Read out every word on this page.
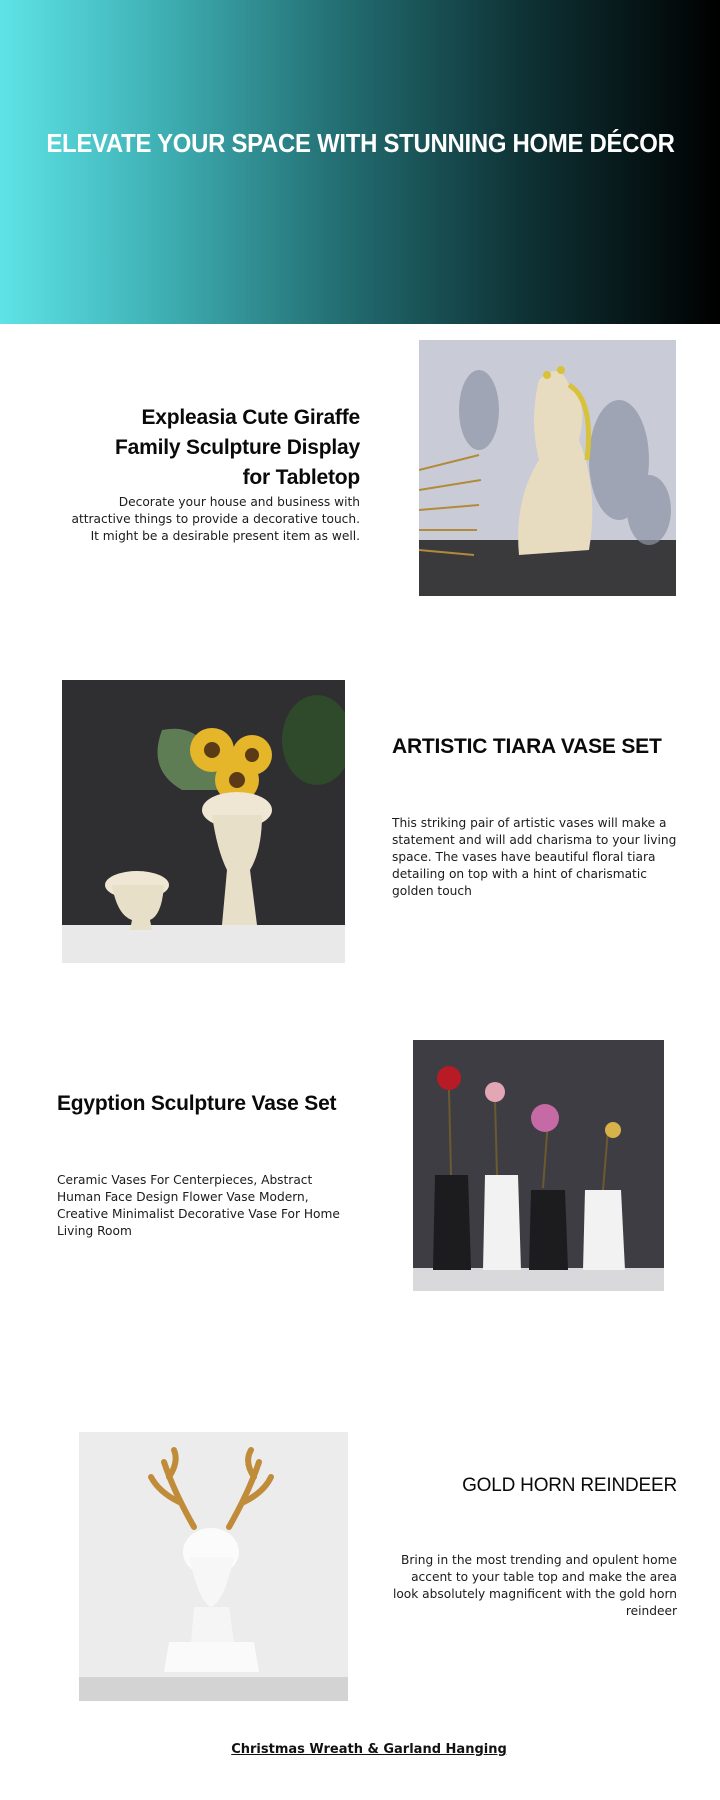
ELEVATE YOUR SPACE WITH STUNNING HOME DÉCOR
Expleasia Cute Giraffe Family Sculpture Display for Tabletop

Decorate your house and business with attractive things to provide a decorative touch. It might be a desirable present item as well.

ARTISTIC TIARA VASE SET

This striking pair of artistic vases will make a statement and will add charisma to your living space. The vases have beautiful floral tiara detailing on top with a hint of charismatic golden touch

Egyption Sculpture Vase Set

Ceramic Vases For Centerpieces, Abstract Human Face Design Flower Vase Modern, Creative Minimalist Decorative Vase For Home Living Room

GOLD HORN REINDEER

Bring in the most trending and opulent home accent to your table top and make the area look absolutely magnificent with the gold horn reindeer

Christmas Wreath & Garland Hanging
